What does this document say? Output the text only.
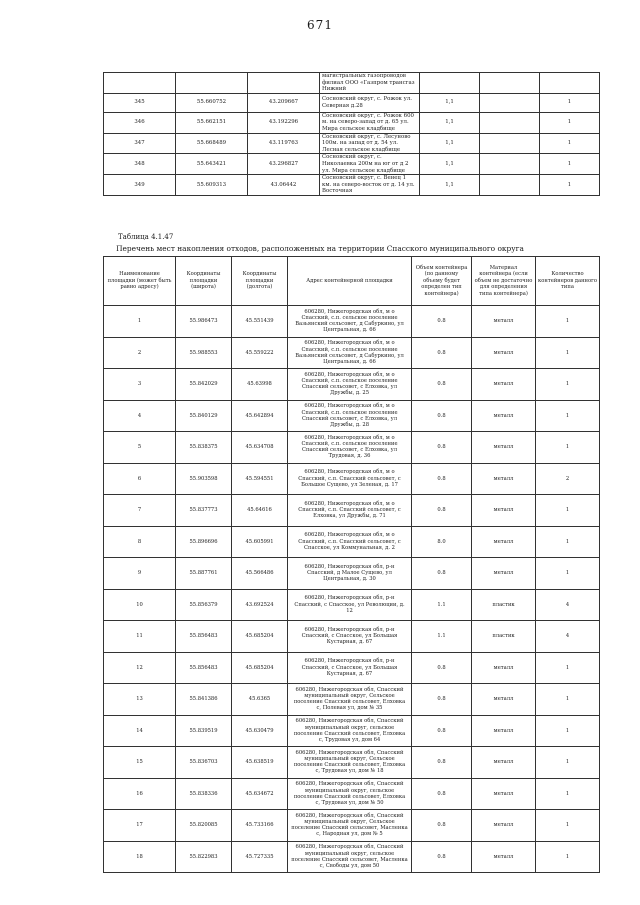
671
			магистральных газопроводов филиал ООО «Газпром трансгаз Нижний			
345	55.660752	43.209667	Сосновский округ, с. Рожок ул. Северная д.28	1,1		1
346	55.662151	43.192296	Сосновский округ, с. Рожок 600 м. на северо-запад от д. 65 ул. Мира сельское кладбище	1,1		1
347	55.668489	43.119763	Сосновский округ, с. Лесуново 100м. на запад от д. 54 ул. Лесная сельское кладбище	1,1		1
348	55.643421	43.296827	Сосновский округ, с. Николаевка 200м на юг от д 2 ул. Мира сельское кладбище	1,1		1
349	55.609313	43.06442	Сосновский округ, с. Венец 1 км. на северо-восток от д. 14 ул. Восточная	1,1		1
Таблица 4.1.47
Перечень мест накопления отходов, расположенных на территории Спасского муниципального округа
Наименование площадки (может быть равно адресу)	Координаты площадки (широта)	Координаты площадки (долгота)	Адрес контейнерной площадки	Объем контейнера (по данному объему будет определен тип контейнера)	Материал контейнера (если объем не достаточно для определения типа контейнера)	Количество контейнеров данного типа
1	55.986473	45.551439	606280, Нижегородская обл, м о Спасский, с.п. сельское поселение Вазьянский сельсовет, д Сабуркино, ул Центральная, д. 66	0.8	металл	1
2	55.988553	45.559222	606280, Нижегородская обл, м о Спасский, с.п. сельское поселение Вазьянский сельсовет, д Сабуркино, ул Центральная, д. 66	0.8	металл	1
3	55.842029	45.63998	606280, Нижегородская обл, м о Спасский, с.п. сельское поселение Спасский сельсовет, с Елховка, ул Дружбы, д. 25	0.8	металл	1
4	55.840129	45.642894	606280, Нижегородская обл, м о Спасский, с.п. сельское поселение Спасский сельсовет, с Елховка, ул Дружбы, д. 28	0.8	металл	1
5	55.838375	45.634708	606280, Нижегородская обл, м о Спасский, с.п. сельское поселение Спасский сельсовет, с Елховка, ул Трудовая, д. 36	0.8	металл	1
6	55.903598	45.594551	606280, Нижегородская обл, м о Спасский, с.п. Спасский сельсовет, с Большое Сущево, ул Зеленая, д. 17	0.8	металл	2
7	55.837773	45.64616	606280, Нижегородская обл, м о Спасский, с.п. Спасский сельсовет, с Елховка, ул Дружбы, д. 71	0.8	металл	1
8	55.896696	45.605991	606280, Нижегородская обл, м о Спасский, с.п. Спасский сельсовет, с Спасское, ул Коммунальная, д. 2	8.0	металл	1
9	55.887761	45.566486	606280, Нижегородская обл, р-н Спасский, д Малое Сущево, ул Центральная, д. 30	0.8	металл	1
10	55.856379	43.692524	606280, Нижегородская обл, р-н Спасский, с Спасское, ул Революции, д. 12	1.1	пластик	4
11	55.856483	45.685204	606280, Нижегородская обл, р-н Спасский, с Спасское, ул Большая Кустарная, д. 67	1.1	пластик	4
12	55.856483	45.685204	606280, Нижегородская обл, р-н Спасский, с Спасское, ул Большая Кустарная, д. 67	0.8	металл	1
13	55.841386	45.6365	606280, Нижегородская обл, Спасский муниципальный округ, Сельское поселение Спасский сельсовет, Елховка с, Полевая ул, дом № 35	0.8	металл	1
14	55.839519	45.630479	606280, Нижегородская обл, Спасский муниципальный округ, сельское поселение Спасский сельсовет, Елховка с, Трудовая ул, дом 64	0.8	металл	1
15	55.836703	45.638519	606280, Нижегородская обл, Спасский муниципальный округ, Сельское поселение Спасский сельсовет, Елховка с, Трудовая ул, дом № 18	0.8	металл	1
16	55.838336	45.634672	606280, Нижегородская обл, Спасский муниципальный округ, сельское поселение Спасский сельсовет, Елховка с, Трудовая ул, дом № 50	0.8	металл	1
17	55.820085	45.733166	606280, Нижегородская обл, Спасский муниципальный округ, Сельское поселение Спасский сельсовет, Масленка с, Народная ул, дом № 5	0.8	металл	1
18	55.822983	45.727335	606280, Нижегородская обл, Спасский муниципальный округ, сельское поселение Спасский сельсовет, Масленка с, Свободы ул, дом 50	0.8	металл	1
